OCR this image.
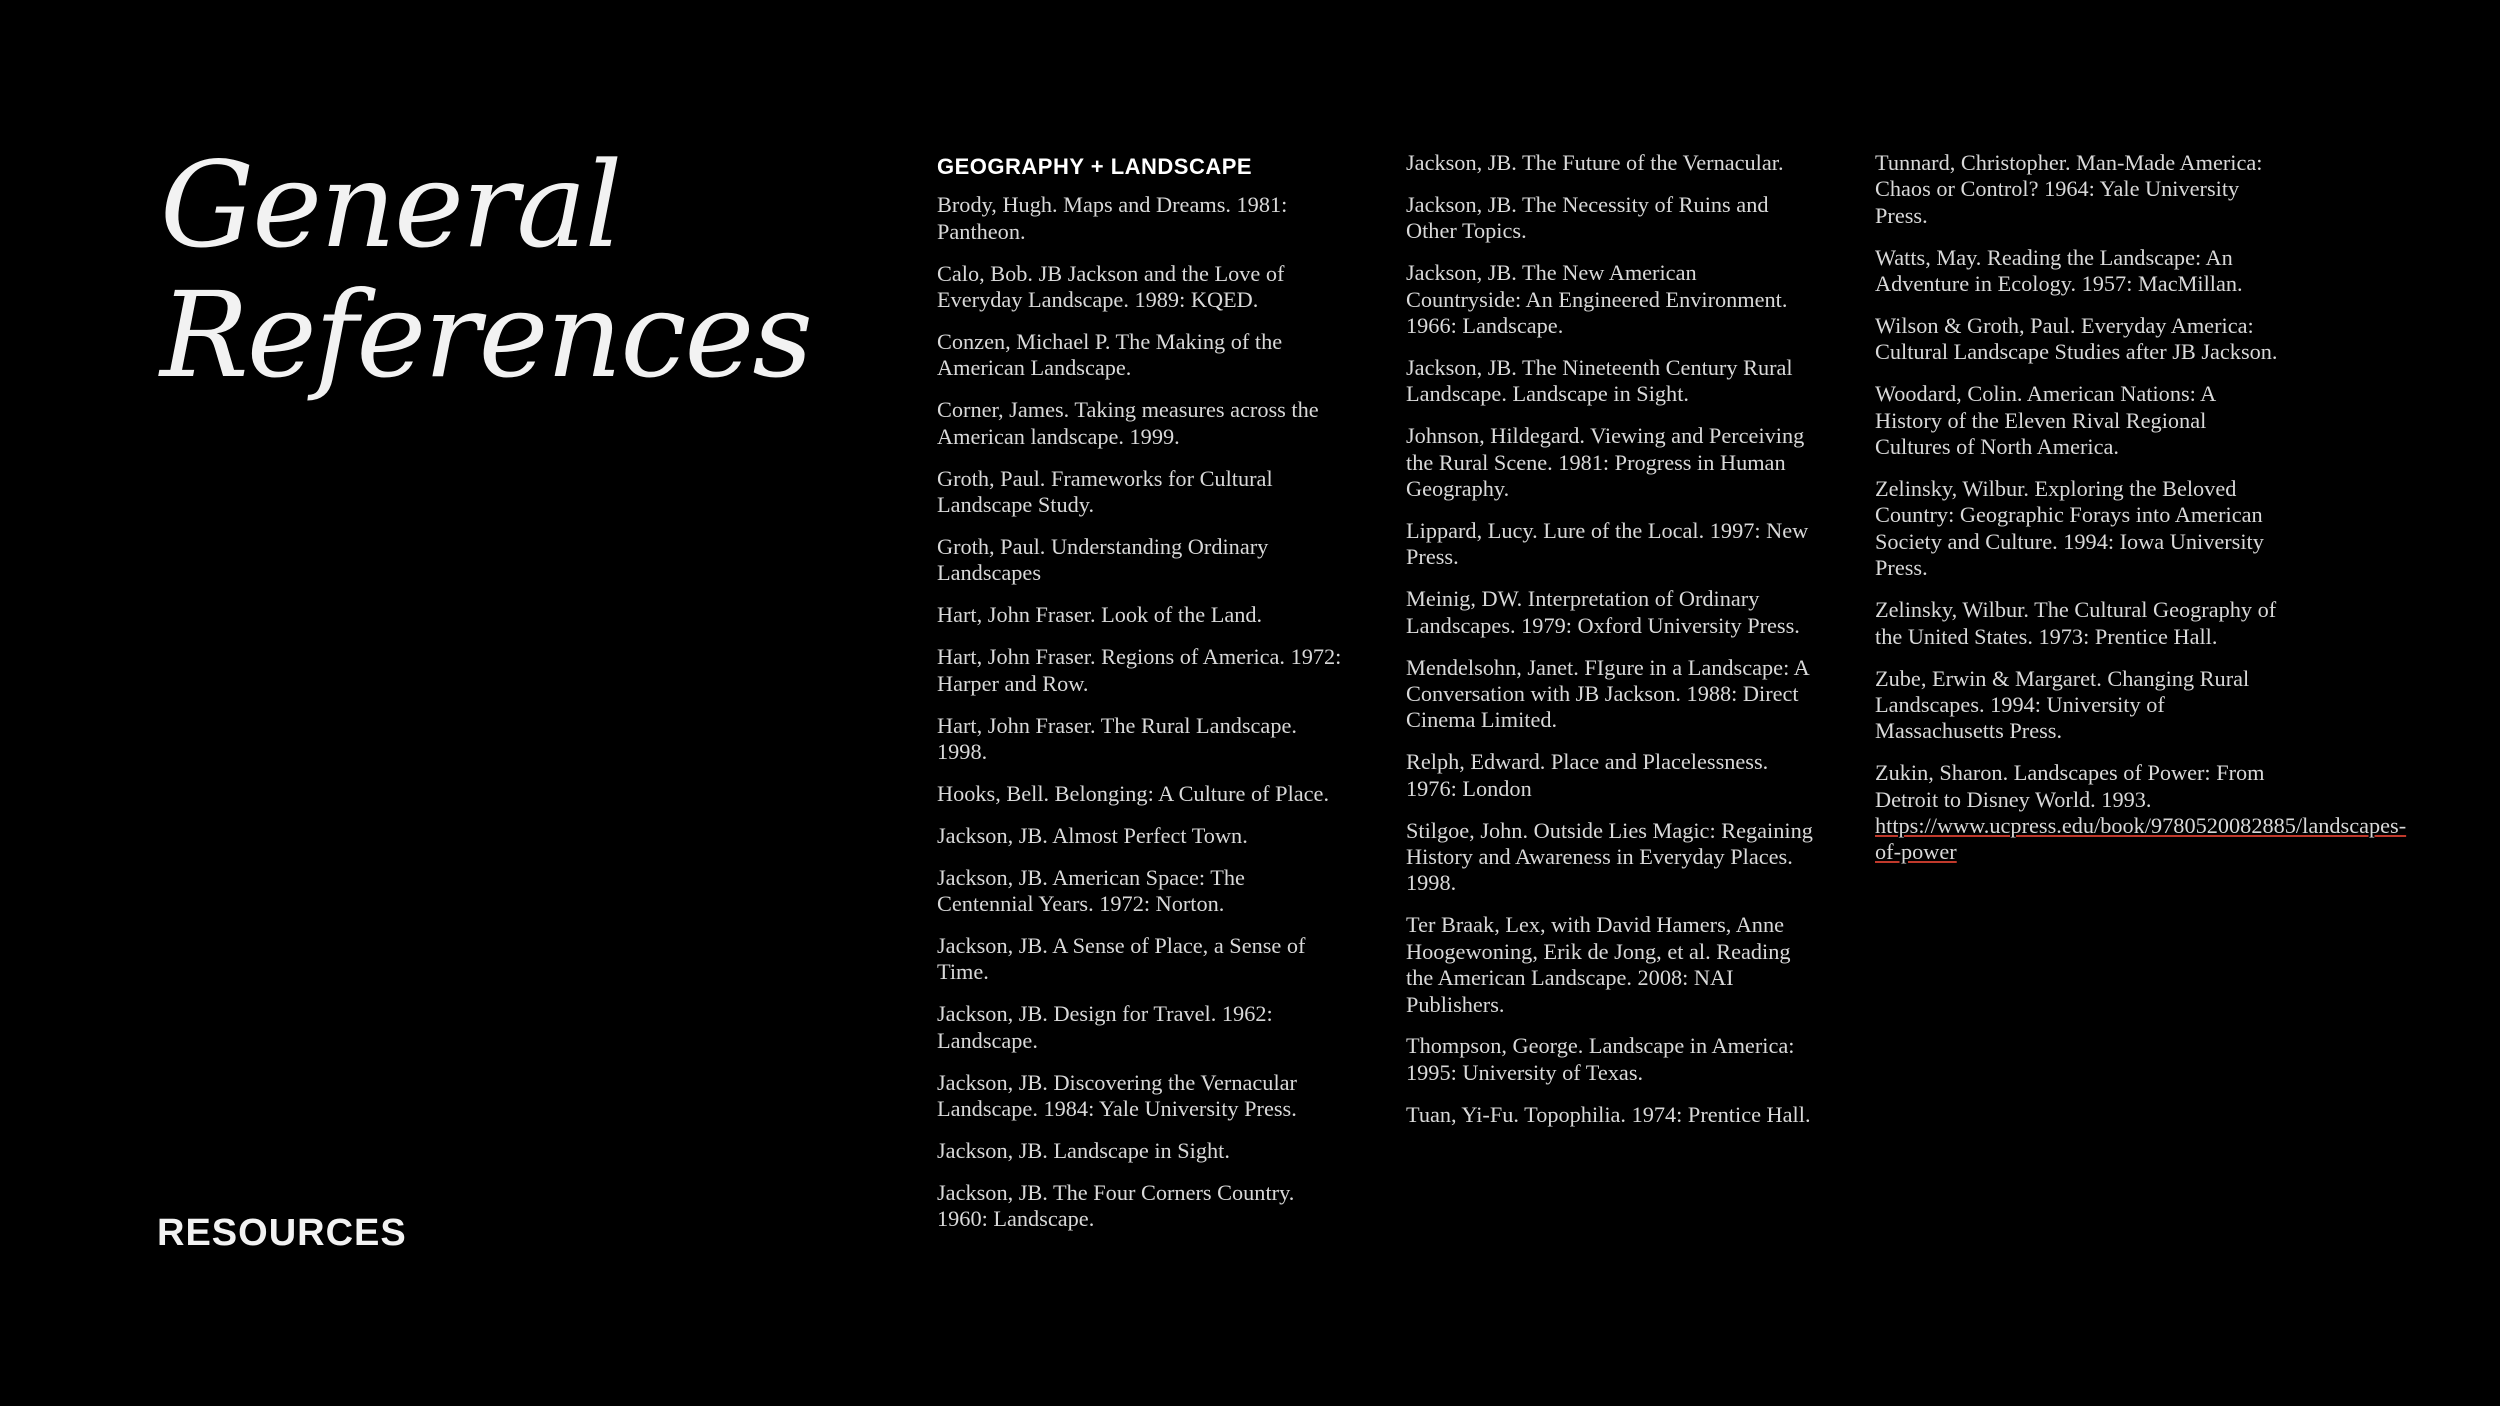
General
References
RESOURCES
GEOGRAPHY + LANDSCAPE
Brody, Hugh. Maps and Dreams. 1981: Pantheon.
Calo, Bob. JB Jackson and the Love of Everyday Landscape. 1989: KQED.
Conzen, Michael P. The Making of the American Landscape.
Corner, James. Taking measures across the American landscape. 1999.
Groth, Paul. Frameworks for Cultural Landscape Study.
Groth, Paul. Understanding Ordinary Landscapes
Hart, John Fraser. Look of the Land.
Hart, John Fraser. Regions of America. 1972: Harper and Row.
Hart, John Fraser. The Rural Landscape. 1998.
Hooks, Bell. Belonging: A Culture of Place.
Jackson, JB. Almost Perfect Town.
Jackson, JB. American Space: The Centennial Years. 1972: Norton.
Jackson, JB. A Sense of Place, a Sense of Time.
Jackson, JB. Design for Travel. 1962: Landscape.
Jackson, JB. Discovering the Vernacular Landscape. 1984: Yale University Press.
Jackson, JB. Landscape in Sight.
Jackson, JB. The Four Corners Country. 1960: Landscape.
Jackson, JB. The Future of the Vernacular.
Jackson, JB. The Necessity of Ruins and Other Topics.
Jackson, JB. The New American Countryside: An Engineered Environment. 1966: Landscape.
Jackson, JB. The Nineteenth Century Rural Landscape. Landscape in Sight.
Johnson, Hildegard. Viewing and Perceiving the Rural Scene. 1981: Progress in Human Geography.
Lippard, Lucy. Lure of the Local. 1997: New Press.
Meinig, DW. Interpretation of Ordinary Landscapes. 1979: Oxford University Press.
Mendelsohn, Janet. FIgure in a Landscape: A Conversation with JB Jackson. 1988: Direct Cinema Limited.
Relph, Edward. Place and Placelessness. 1976: London
Stilgoe, John. Outside Lies Magic: Regaining History and Awareness in Everyday Places. 1998.
Ter Braak, Lex, with David Hamers, Anne Hoogewoning, Erik de Jong, et al. Reading the American Landscape. 2008: NAI Publishers.
Thompson, George. Landscape in America: 1995: University of Texas.
Tuan, Yi-Fu. Topophilia. 1974: Prentice Hall.
Tunnard, Christopher. Man-Made America: Chaos or Control? 1964: Yale University Press.
Watts, May. Reading the Landscape: An Adventure in Ecology. 1957: MacMillan.
Wilson & Groth, Paul. Everyday America: Cultural Landscape Studies after JB Jackson.
Woodard, Colin. American Nations: A History of the Eleven Rival Regional Cultures of North America.
Zelinsky, Wilbur. Exploring the Beloved Country: Geographic Forays into American Society and Culture. 1994: Iowa University Press.
Zelinsky, Wilbur. The Cultural Geography of the United States. 1973: Prentice Hall.
Zube, Erwin & Margaret. Changing Rural Landscapes. 1994: University of Massachusetts Press.
Zukin, Sharon. Landscapes of Power: From Detroit to Disney World. 1993. https://www.ucpress.edu/book/9780520082885/landscapes-of-power
